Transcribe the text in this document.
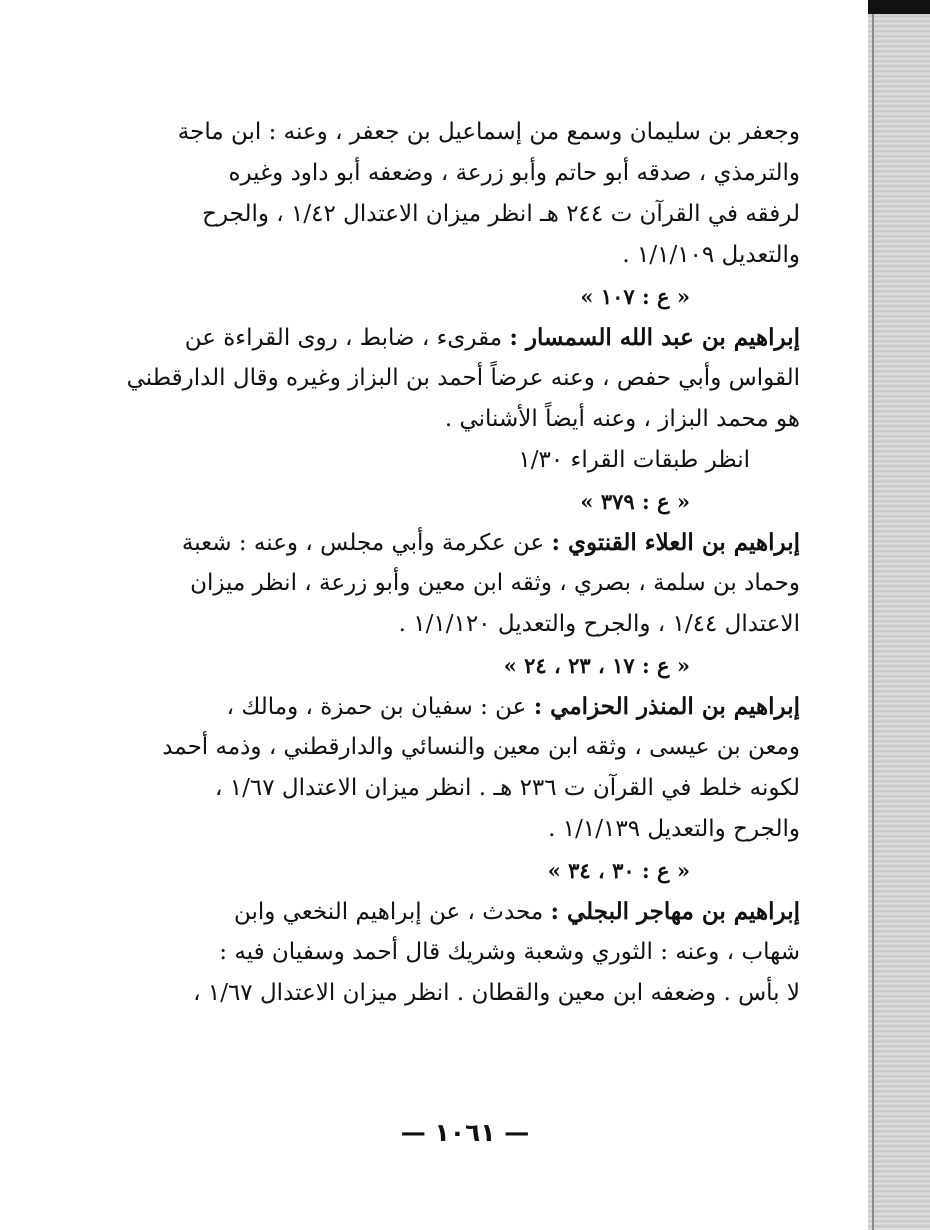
وجعفر بن سليمان وسمع من إسماعيل بن جعفر ، وعنه : ابن ماجة
والترمذي ، صدقه أبو حاتم وأبو زرعة ، وضعفه أبو داود وغيره
لرفقه في القرآن ت ٢٤٤ هـ انظر ميزان الاعتدال ١/٤٢ ، والجرح
والتعديل ١/١/١٠٩ .
« ع : ١٠٧ »
إبراهيم بن عبد الله السمسار : مقرىء ، ضابط ، روى القراءة عن
القواس وأبي حفص ، وعنه عرضاً أحمد بن البزاز وغيره وقال الدارقطني
هو محمد البزاز ، وعنه أيضاً الأشناني .
انظر طبقات القراء ١/٣٠
« ع : ٣٧٩ »
إبراهيم بن العلاء القنتوي : عن عكرمة وأبي مجلس ، وعنه : شعبة
وحماد بن سلمة ، بصري ، وثقه ابن معين وأبو زرعة ، انظر ميزان
الاعتدال ١/٤٤ ، والجرح والتعديل ١/١/١٢٠ .
« ع : ١٧ ، ٢٣ ، ٢٤ »
إبراهيم بن المنذر الحزامي : عن : سفيان بن حمزة ، ومالك ،
ومعن بن عيسى ، وثقه ابن معين والنسائي والدارقطني ، وذمه أحمد
لكونه خلط في القرآن ت ٢٣٦ هـ . انظر ميزان الاعتدال ١/٦٧ ،
والجرح والتعديل ١/١/١٣٩ .
« ع : ٣٠ ، ٣٤ »
إبراهيم بن مهاجر البجلي : محدث ، عن إبراهيم النخعي وابن
شهاب ، وعنه : الثوري وشعبة وشريك قال أحمد وسفيان فيه :
لا بأس . وضعفه ابن معين والقطان . انظر ميزان الاعتدال ١/٦٧ ،
— ١٠٦١ —
